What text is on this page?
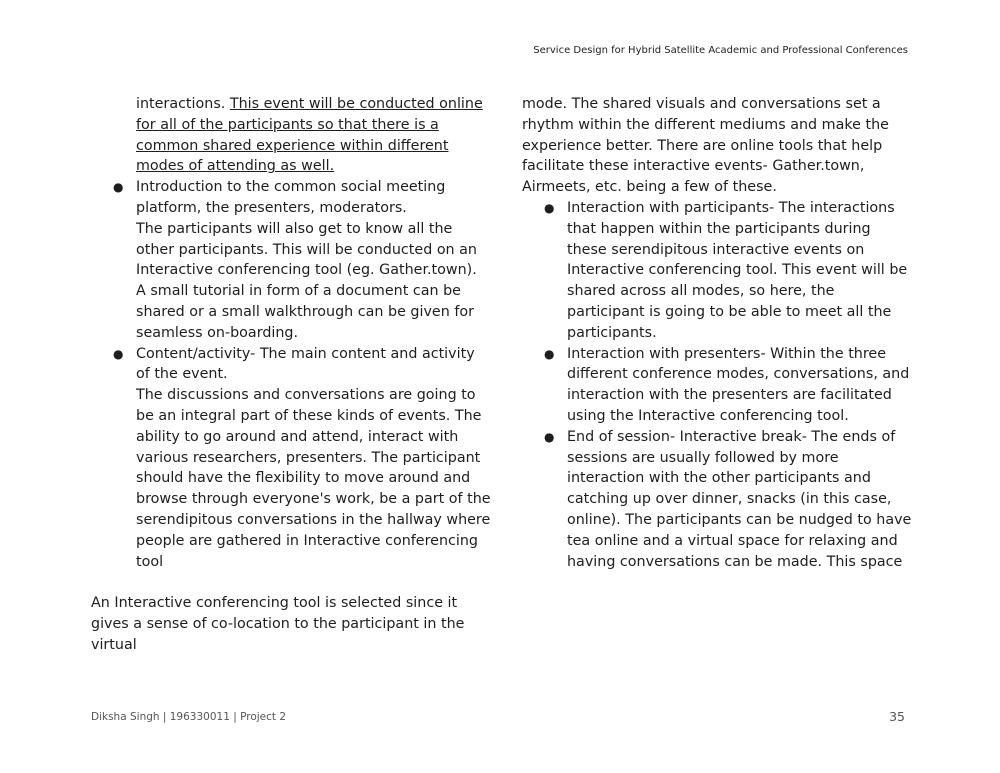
Service Design for Hybrid Satellite Academic and Professional Conferences
interactions. This event will be conducted online for all of the participants so that there is a common shared experience within different modes of attending as well.
● Introduction to the common social meeting platform, the presenters, moderators.
The participants will also get to know all the other participants. This will be conducted on an Interactive conferencing tool (eg. Gather.town). A small tutorial in form of a document can be shared or a small walkthrough can be given for seamless on-boarding.
● Content/activity- The main content and activity of the event.
The discussions and conversations are going to be an integral part of these kinds of events. The ability to go around and attend, interact with various researchers, presenters. The participant should have the flexibility to move around and browse through everyone's work, be a part of the serendipitous conversations in the hallway where people are gathered in Interactive conferencing tool
An Interactive conferencing tool is selected since it gives a sense of co-location to the participant in the virtual
mode. The shared visuals and conversations set a rhythm within the different mediums and make the experience better. There are online tools that help facilitate these interactive events- Gather.town, Airmeets, etc. being a few of these.
● Interaction with participants- The interactions that happen within the participants during these serendipitous interactive events on Interactive conferencing tool. This event will be shared across all modes, so here, the participant is going to be able to meet all the participants.
● Interaction with presenters- Within the three different conference modes, conversations, and interaction with the presenters are facilitated using the Interactive conferencing tool.
● End of session- Interactive break- The ends of sessions are usually followed by more interaction with the other participants and catching up over dinner, snacks (in this case, online). The participants can be nudged to have tea online and a virtual space for relaxing and having conversations can be made. This space
Diksha Singh | 196330011 | Project 2	35
